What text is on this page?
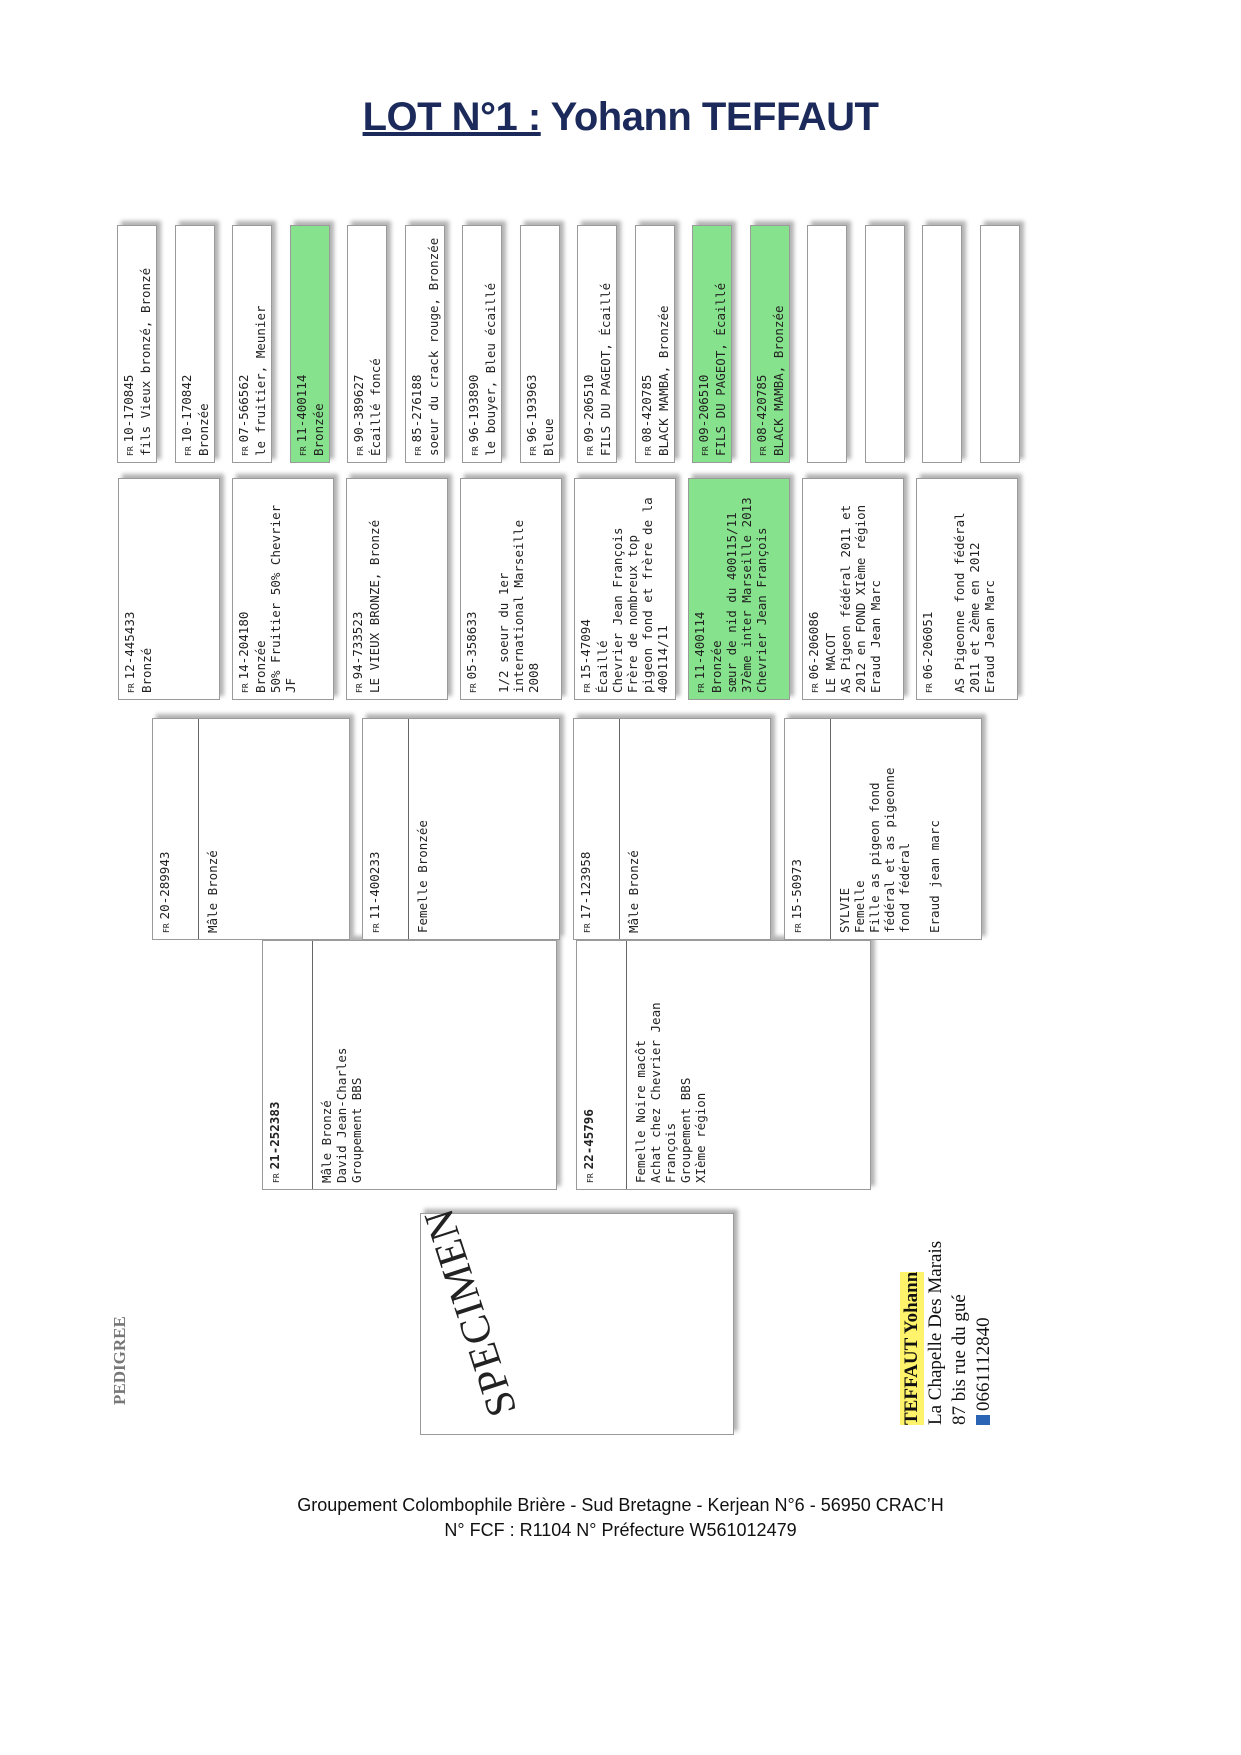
LOT N°1 : Yohann TEFFAUT
PEDIGREE	SPECIMEN	TEFFAUT Yohann La Chapelle Des Marais 87 bis rue du gué 0661112840
FR21-252383	Mâle Bronzé David Jean-Charles Groupement BBS	FR22-45796	Femelle Noire macôt Achat chez Chevrier Jean François Groupement BBS XIème région
FR20-289943	Mâle Bronzé	FR11-400233	Femelle Bronzée	FR17-123958	Mâle Bronzé	FR15-50973	SYLVIE Femelle Fille as pigeon fond fédéral et as pigeonne fond fédéral
Eraud jean marc
FR12-445433 Bronzé	FR14-204180 Bronzée 50% Fruitier 50% Chevrier JF	FR94-733523 LE VIEUX BRONZE, Bronzé	FR05-358633
1/2 soeur du 1er international Marseille 2008	FR15-47094 Écaillé Chevrier Jean François Frère de nombreux top pigeon fond et frère de la 400114/11	FR11-400114 Bronzée sœur de nid du 400115/11 37ème inter Marseille 2013 Chevrier Jean François	FR06-206086 LE MACOT AS Pigeon fédéral 2011 et 2012 en FOND XIème région Eraud Jean Marc	FR06-206051
AS Pigeonne fond fédéral 2011 et 2ème en 2012 Eraud Jean Marc
FR10-170845 fils Vieux bronzé, Bronzé	FR10-170842 Bronzée	FR07-566562 le fruitier, Meunier	FR11-400114 Bronzée	FR90-389627 Écaillé foncé	FR85-276188 soeur du crack rouge, Bronzée	FR96-193890 le bouyer, Bleu écaillé	FR96-193963 Bleue	FR09-206510 FILS DU PAGEOT, Écaillé	FR08-420785 BLACK MAMBA, Bronzée	FR09-206510 FILS DU PAGEOT, Écaillé	FR08-420785 BLACK MAMBA, Bronzée
Groupement Colombophile Brière - Sud Bretagne - Kerjean N°6 - 56950 CRAC’H
N° FCF : R1104 N° Préfecture W561012479
